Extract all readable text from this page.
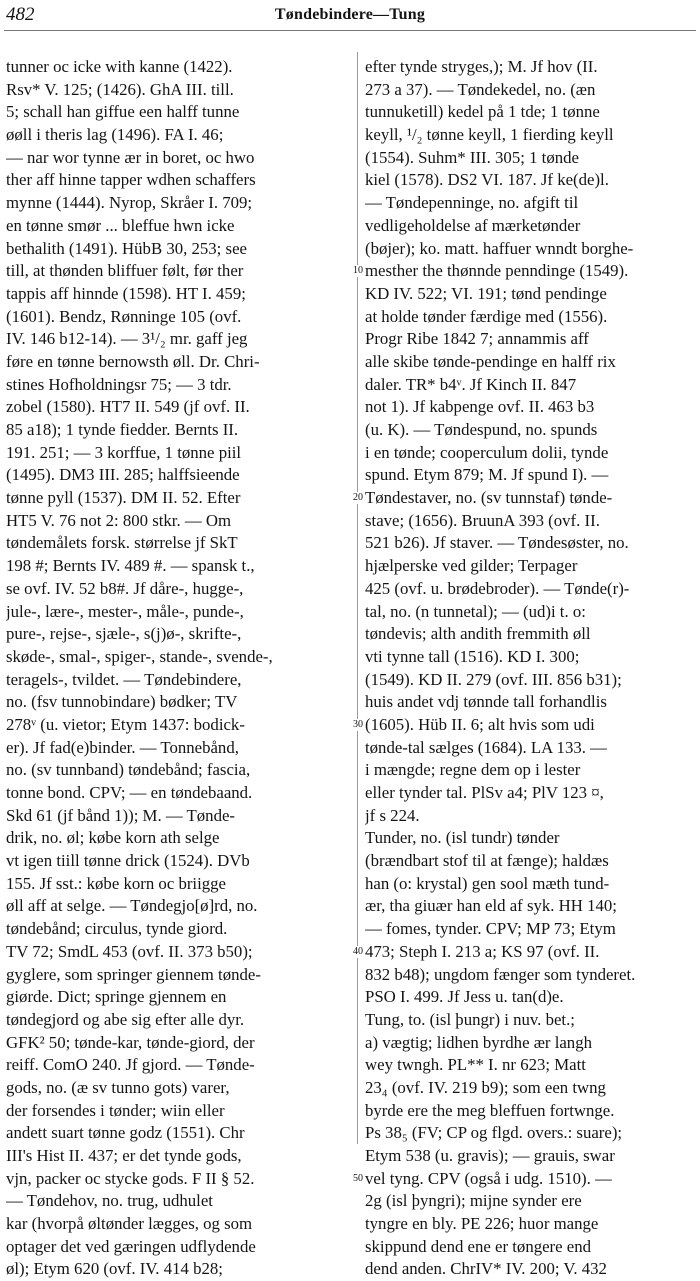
482	Tøndebindere—Tung
tunner oc icke with kanne (1422).
Rsv* V. 125; (1426). GhA III. till.
5; schall han giffue een halff tunne
øøll i theris lag (1496). FA I. 46;
— nar wor tynne ær in boret, oc hwo
ther aff hinne tapper wdhen schaffers
mynne (1444). Nyrop, Skråer I. 709;
en tønne smør ... bleffue hwn icke
bethalith (1491). HübB 30, 253; see
till, at thønden bliffuer følt, før ther
tappis aff hinnde (1598). HT I. 459;
(1601). Bendz, Rønninge 105 (ovf.
IV. 146 b12-14). — 3¹/₂ mr. gaff jeg
føre en tønne bernowsth øll. Dr. Chri-
stines Hofholdningsr 75; — 3 tdr.
zobel (1580). HT7 II. 549 (jf ovf. II.
85 a18); 1 tynde fiedder. Bernts II.
191. 251; — 3 korffue, 1 tønne piil
(1495). DM3 III. 285; halffsieende
tønne pyll (1537). DM II. 52. Efter
HT5 V. 76 not 2: 800 stkr. — Om
tøndemålets forsk. størrelse jf SkT
198 #; Bernts IV. 489 #. — spansk t.,
se ovf. IV. 52 b8#. Jf dåre-, hugge-,
jule-, lære-, mester-, måle-, punde-,
pure-, rejse-, sjæle-, s(j)ø-, skrifte-,
skøde-, smal-, spiger-, stande-, svende-,
teragels-, tvildet. — Tøndebindere,
no. (fsv tunnobindare) bødker; TV
278ᵛ (u. vietor; Etym 1437: bodick-
er). Jf fad(e)binder. — Tonnebånd,
no. (sv tunnband) tøndebånd; fascia,
tonne bond. CPV; — en tøndebaand.
Skd 61 (jf bånd 1)); M. — Tønde-
drik, no. øl; købe korn ath selge
vt igen tiill tønne drick (1524). DVb
155. Jf sst.: købe korn oc briigge
øll aff at selge. — Tøndegjo[ø]rd, no.
tøndebånd; circulus, tynde giord.
TV 72; SmdL 453 (ovf. II. 373 b50);
gyglere, som springer giennem tønde-
giørde. Dict; springe gjennem en
tøndegjord og abe sig efter alle dyr.
GFK² 50; tønde-kar, tønde-giord, der
reiff. ComO 240. Jf gjord. — Tønde-
gods, no. (æ sv tunno gots) varer,
der forsendes i tønder; wiin eller
andett suart tønne godz (1551). Chr
III's Hist II. 437; er det tynde gods,
vjn, packer oc stycke gods. F II § 52.
— Tøndehov, no. trug, udhulet
kar (hvorpå øltønder lægges, og som
optager det ved gæringen udflydende
øl); Etym 620 (ovf. IV. 414 b28;
10
20
30
40
50
efter tynde stryges,); M. Jf hov (II.
273 a 37). — Tøndekedel, no. (æn
tunnuketill) kedel på 1 tde; 1 tønne
keyll, ¹/₂ tønne keyll, 1 fierding keyll
(1554). Suhm* III. 305; 1 tønde
kiel (1578). DS2 VI. 187. Jf ke(de)l.
— Tøndepenninge, no. afgift til
vedligeholdelse af mærketønder
(bøjer); ko. matt. haffuer wnndt borghe-
mesther the thønnde penndinge (1549).
KD IV. 522; VI. 191; tønd pendinge
at holde tønder færdige med (1556).
Progr Ribe 1842 7; annammis aff
alle skibe tønde-pendinge en halff rix
daler. TR* b4ᵛ. Jf Kinch II. 847
not 1). Jf kabpenge ovf. II. 463 b3
(u. K). — Tøndespund, no. spunds
i en tønde; cooperculum dolii, tynde
spund. Etym 879; M. Jf spund I). —
Tøndestaver, no. (sv tunnstaf) tønde-
stave; (1656). BruunA 393 (ovf. II.
521 b26). Jf staver. — Tøndesøster, no.
hjælperske ved gilder; Terpager
425 (ovf. u. brødebroder). — Tønde(r)-
tal, no. (n tunnetal); — (ud)i t. o:
tøndevis; alth andith fremmith øll
vti tynne tall (1516). KD I. 300;
(1549). KD II. 279 (ovf. III. 856 b31);
huis andet vdj tønnde tall forhandlis
(1605). Hüb II. 6; alt hvis som udi
tønde-tal sælges (1684). LA 133. —
i mængde; regne dem op i lester
eller tynder tal. PlSv a4; PlV 123 ¤,
jf s 224.
Tunder, no. (isl tundr) tønder
(brændbart stof til at fænge); haldæs
han (o: krystal) gen sool mæth tund-
ær, tha giuær han eld af syk. HH 140;
— fomes, tynder. CPV; MP 73; Etym
473; Steph I. 213 a; KS 97 (ovf. II.
832 b48); ungdom fænger som tynderet.
PSO I. 499. Jf Jess u. tan(d)e.
Tung, to. (isl þungr) i nuv. bet.;
a) vægtig; lidhen byrdhe ær langh
wey twngh. PL** I. nr 623; Matt
23₄ (ovf. IV. 219 b9); som een twng
byrde ere the meg bleffuen fortwnge.
Ps 38₅ (FV; CP og flgd. overs.: suare);
Etym 538 (u. gravis); — grauis, swar
vel tyng. CPV (også i udg. 1510). —
2g (isl þyngri); mijne synder ere
tyngre en bly. PE 226; huor mange
skippund dend ene er tøngere end
dend anden. ChrIV* IV. 200; V. 432
